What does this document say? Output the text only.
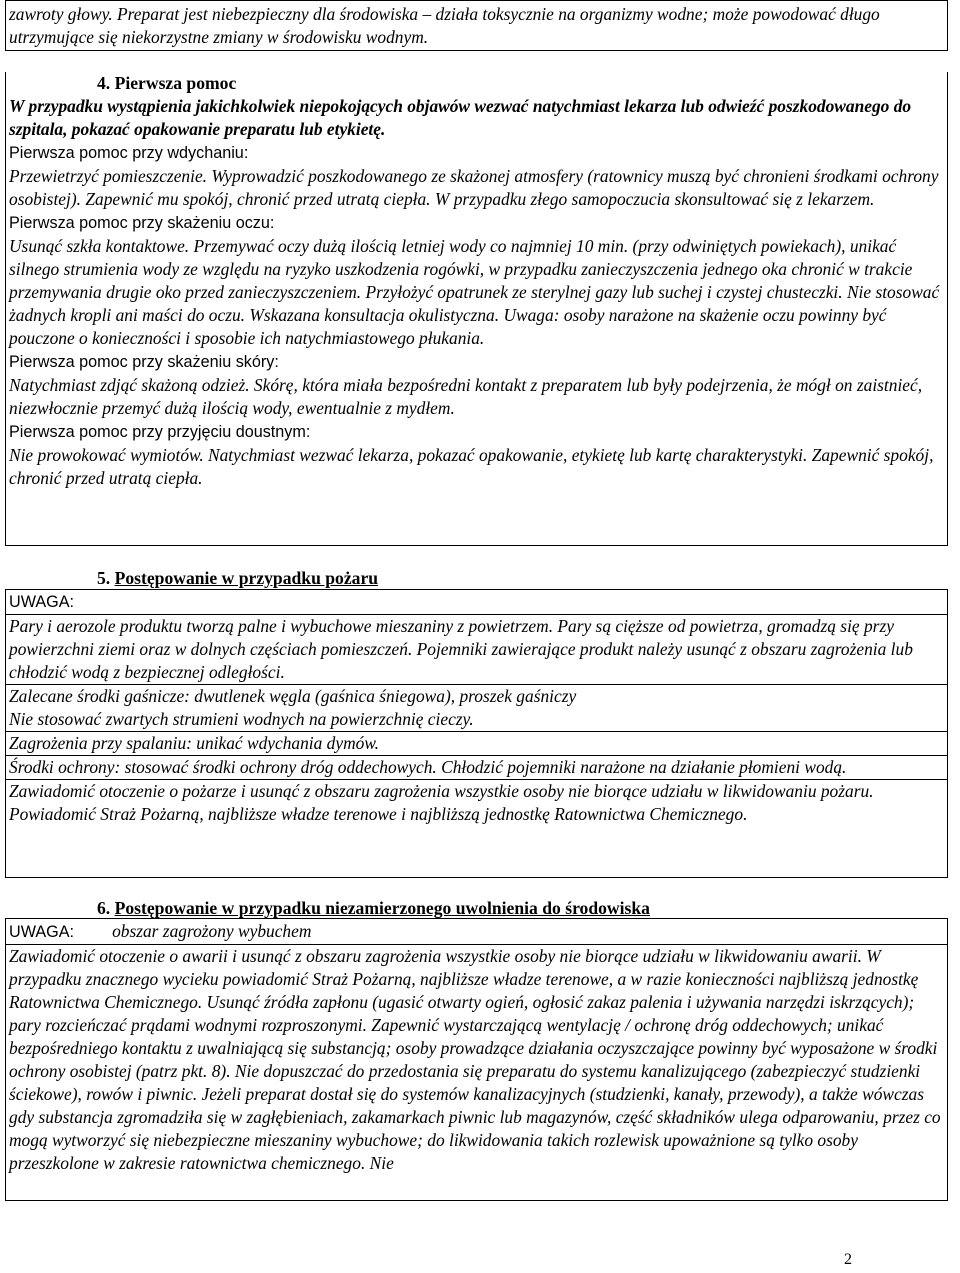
zawroty głowy. Preparat jest niebezpieczny dla środowiska – działa toksycznie na organizmy wodne; może powodować długo utrzymujące się niekorzystne zmiany w środowisku wodnym.

4. Pierwsza pomoc

W przypadku wystąpienia jakichkolwiek niepokojących objawów wezwać natychmiast lekarza lub odwieźć poszkodowanego do szpitala, pokazać opakowanie preparatu lub etykietę.

Pierwsza pomoc przy wdychaniu:

Przewietrzyć pomieszczenie. Wyprowadzić poszkodowanego ze skażonej atmosfery (ratownicy muszą być chronieni środkami ochrony osobistej). Zapewnić mu spokój, chronić przed utratą ciepła. W przypadku złego samopoczucia skonsultować się z lekarzem.

Pierwsza pomoc przy skażeniu oczu:

Usunąć szkła kontaktowe. Przemywać oczy dużą ilością letniej wody co najmniej 10 min. (przy odwiniętych powiekach), unikać silnego strumienia wody ze względu na ryzyko uszkodzenia rogówki, w przypadku zanieczyszczenia jednego oka chronić w trakcie przemywania drugie oko przed zanieczyszczeniem. Przyłożyć opatrunek ze sterylnej gazy lub suchej i czystej chusteczki. Nie stosować żadnych kropli ani maści do oczu. Wskazana konsultacja okulistyczna. Uwaga: osoby narażone na skażenie oczu powinny być pouczone o konieczności i sposobie ich natychmiastowego płukania.

Pierwsza pomoc przy skażeniu skóry:

Natychmiast zdjąć skażoną odzież. Skórę, która miała bezpośredni kontakt z preparatem lub były podejrzenia, że mógł on zaistnieć, niezwłocznie przemyć dużą ilością wody, ewentualnie z mydłem.

Pierwsza pomoc przy przyjęciu doustnym:

Nie prowokować wymiotów. Natychmiast wezwać lekarza, pokazać opakowanie, etykietę lub kartę charakterystyki. Zapewnić spokój, chronić przed utratą ciepła.

5. Postępowanie w przypadku pożaru

UWAGA:

Pary i aerozole produktu tworzą palne i wybuchowe mieszaniny z powietrzem. Pary są cięższe od powietrza, gromadzą się przy powierzchni ziemi oraz w dolnych częściach pomieszczeń. Pojemniki zawierające produkt należy usunąć z obszaru zagrożenia lub chłodzić wodą z bezpiecznej odległości.

Zalecane środki gaśnicze: dwutlenek węgla (gaśnica śniegowa), proszek gaśniczy

Nie stosować zwartych strumieni wodnych na powierzchnię cieczy.

Zagrożenia przy spalaniu: unikać wdychania dymów.

Środki ochrony: stosować środki ochrony dróg oddechowych. Chłodzić pojemniki narażone na działanie płomieni wodą.

Zawiadomić otoczenie o pożarze i usunąć z obszaru zagrożenia wszystkie osoby nie biorące udziału w likwidowaniu pożaru. Powiadomić Straż Pożarną, najbliższe władze terenowe i najbliższą jednostkę Ratownictwa Chemicznego.

6. Postępowanie w przypadku niezamierzonego uwolnienia do środowiska

UWAGA: obszar zagrożony wybuchem

Zawiadomić otoczenie o awarii i usunąć z obszaru zagrożenia wszystkie osoby nie biorące udziału w likwidowaniu awarii. W przypadku znacznego wycieku powiadomić Straż Pożarną, najbliższe władze terenowe, a w razie konieczności najbliższą jednostkę Ratownictwa Chemicznego. Usunąć źródła zapłonu (ugasić otwarty ogień, ogłosić zakaz palenia i używania narzędzi iskrzących); pary rozcieńczać prądami wodnymi rozproszonymi. Zapewnić wystarczającą wentylację / ochronę dróg oddechowych; unikać bezpośredniego kontaktu z uwalniającą się substancją; osoby prowadzące działania oczyszczające powinny być wyposażone w środki ochrony osobistej (patrz pkt. 8). Nie dopuszczać do przedostania się preparatu do systemu kanalizującego (zabezpieczyć studzienki ściekowe), rowów i piwnic. Jeżeli preparat dostał się do systemów kanalizacyjnych (studzienki, kanały, przewody), a także wówczas gdy substancja zgromadziła się w zagłębieniach, zakamarkach piwnic lub magazynów, część składników ulega odparowaniu, przez co mogą wytworzyć się niebezpieczne mieszaniny wybuchowe; do likwidowania takich rozlewisk upoważnione są tylko osoby przeszkolone w zakresie ratownictwa chemicznego. Nie

2
